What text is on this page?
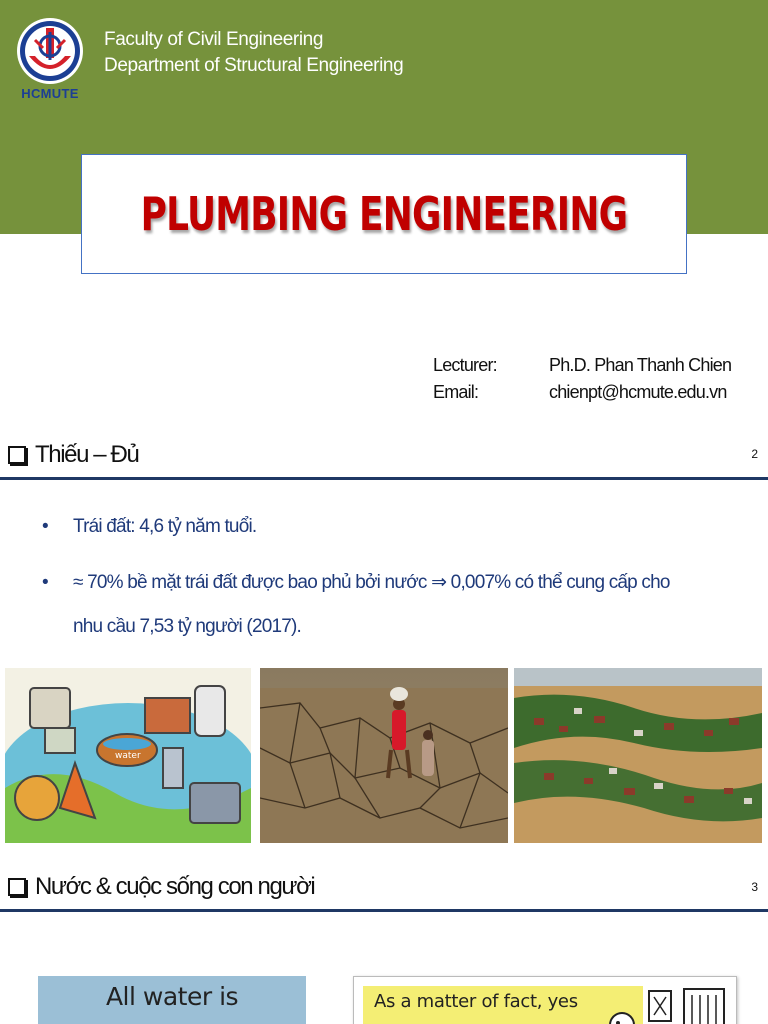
HCMUTE
Faculty of Civil Engineering
Department of Structural Engineering
PLUMBING ENGINEERING
Lecturer:	Ph.D. Phan Thanh Chien
Email:	chienpt@hcmute.edu.vn
Thiếu – Đủ	2
• Trái đất: 4,6 tỷ năm tuổi.
• ≈ 70% bề mặt trái đất được bao phủ bởi nước ⇒ 0,007% có thể cung cấp cho
nhu cầu 7,53 tỷ người (2017).
water
Nước & cuộc sống con người	3
All water is	As a matter of fact, yes
